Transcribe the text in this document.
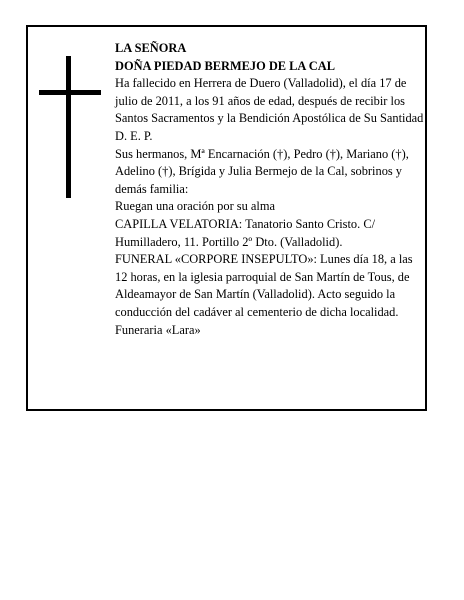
LA SEÑORA

DOÑA PIEDAD BERMEJO DE LA CAL

Ha fallecido en Herrera de Duero (Valladolid), el día 17 de julio de 2011, a los 91 años de edad, después de recibir los Santos Sacramentos y la Bendición Apostólica de Su Santidad

D. E. P.

Sus hermanos, Mª Encarnación (†), Pedro (†), Mariano (†), Adelino (†), Brígida y Julia Bermejo de la Cal, sobrinos y demás familia:

Ruegan una oración por su alma

CAPILLA VELATORIA: Tanatorio Santo Cristo. C/ Humilladero, 11. Portillo 2º Dto. (Valladolid).

FUNERAL «CORPORE INSEPULTO»: Lunes día 18, a las 12 horas, en la iglesia parroquial de San Martín de Tous, de Aldeamayor de San Martín (Valladolid). Acto seguido la conducción del cadáver al cementerio de dicha localidad.

Funeraria «Lara»
